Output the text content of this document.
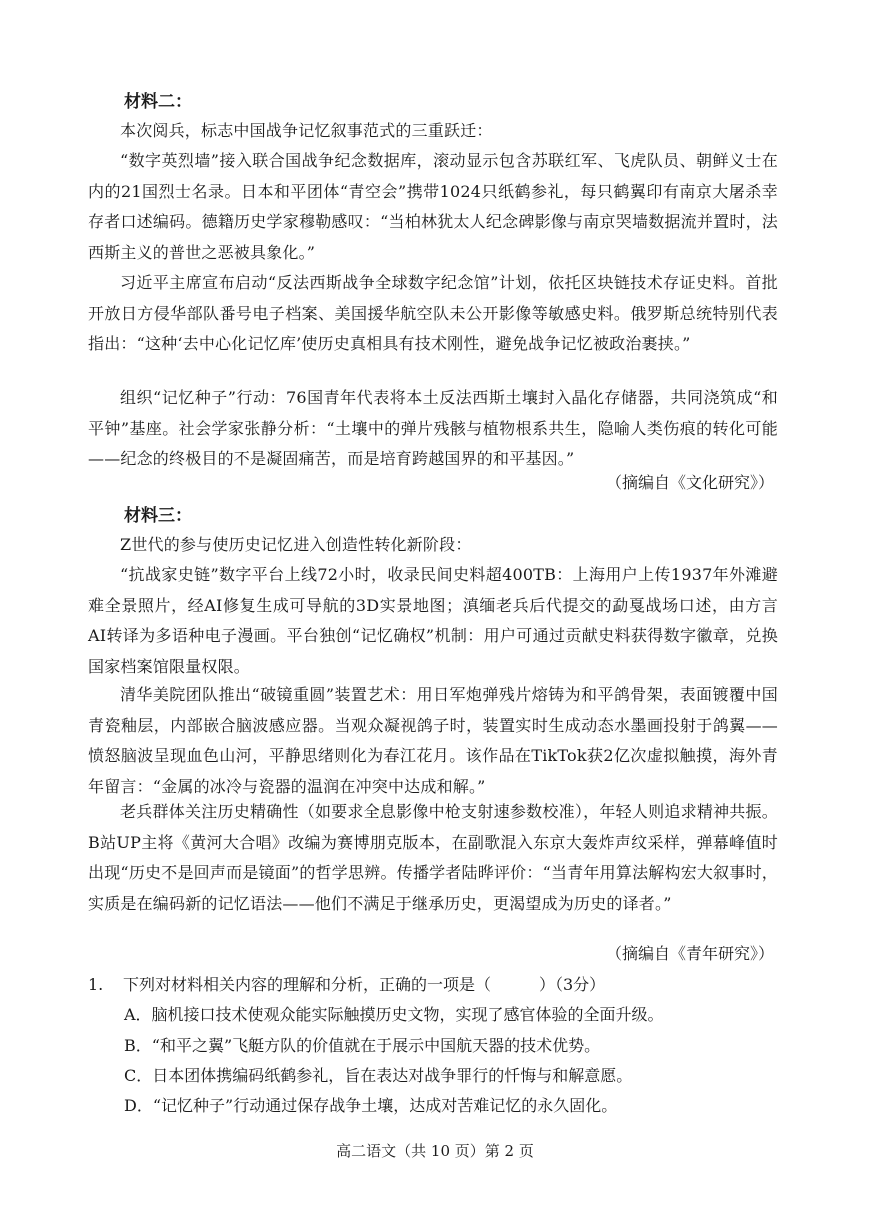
材料二：

本次阅兵，标志中国战争记忆叙事范式的三重跃迁：

“数字英烈墙”接入联合国战争纪念数据库，滚动显示包含苏联红军、飞虎队员、朝鲜义士在内的21国烈士名录。日本和平团体“青空会”携带1024只纸鹤参礼，每只鹤翼印有南京大屠杀幸存者口述编码。德籍历史学家穆勒感叹：“当柏林犹太人纪念碑影像与南京哭墙数据流并置时，法西斯主义的普世之恶被具象化。”

习近平主席宣布启动“反法西斯战争全球数字纪念馆”计划，依托区块链技术存证史料。首批开放日方侵华部队番号电子档案、美国援华航空队未公开影像等敏感史料。俄罗斯总统特别代表指出：“这种‘去中心化记忆库’使历史真相具有技术刚性，避免战争记忆被政治裹挟。”

组织“记忆种子”行动：76国青年代表将本土反法西斯土壤封入晶化存储器，共同浇筑成“和平钟”基座。社会学家张静分析：“土壤中的弹片残骸与植物根系共生，隐喻人类伤痕的转化可能——纪念的终极目的不是凝固痛苦，而是培育跨越国界的和平基因。”

（摘编自《文化研究》）
材料三：

Z世代的参与使历史记忆进入创造性转化新阶段：

“抗战家史链”数字平台上线72小时，收录民间史料超400TB：上海用户上传1937年外滩避难全景照片，经AI修复生成可导航的3D实景地图；滇缅老兵后代提交的勐戛战场口述，由方言AI转译为多语种电子漫画。平台独创“记忆确权”机制：用户可通过贡献史料获得数字徽章，兑换国家档案馆限量权限。

清华美院团队推出“破镜重圆”装置艺术：用日军炮弹残片熔铸为和平鸽骨架，表面镀覆中国青瓷釉层，内部嵌合脑波感应器。当观众凝视鸽子时，装置实时生成动态水墨画投射于鸽翼——愤怒脑波呈现血色山河，平静思绪则化为春江花月。该作品在TikTok获2亿次虚拟触摸，海外青年留言：“金属的冰冷与瓷器的温润在冲突中达成和解。”

老兵群体关注历史精确性（如要求全息影像中枪支射速参数校准），年轻人则追求精神共振。B站UP主将《黄河大合唱》改编为赛博朋克版本，在副歌混入东京大轰炸声纹采样，弹幕峰值时出现“历史不是回声而是镜面”的哲学思辨。传播学者陆晔评价：“当青年用算法解构宏大叙事时，实质是在编码新的记忆语法——他们不满足于继承历史，更渴望成为历史的译者。”

（摘编自《青年研究》）
1. 下列对材料相关内容的理解和分析，正确的一项是（　　　）（3分）
A．脑机接口技术使观众能实际触摸历史文物，实现了感官体验的全面升级。
B．“和平之翼”飞艇方队的价值就在于展示中国航天器的技术优势。
C．日本团体携编码纸鹤参礼，旨在表达对战争罪行的忏悔与和解意愿。
D．“记忆种子”行动通过保存战争土壤，达成对苦难记忆的永久固化。
高二语文（共 10 页）第 2 页
